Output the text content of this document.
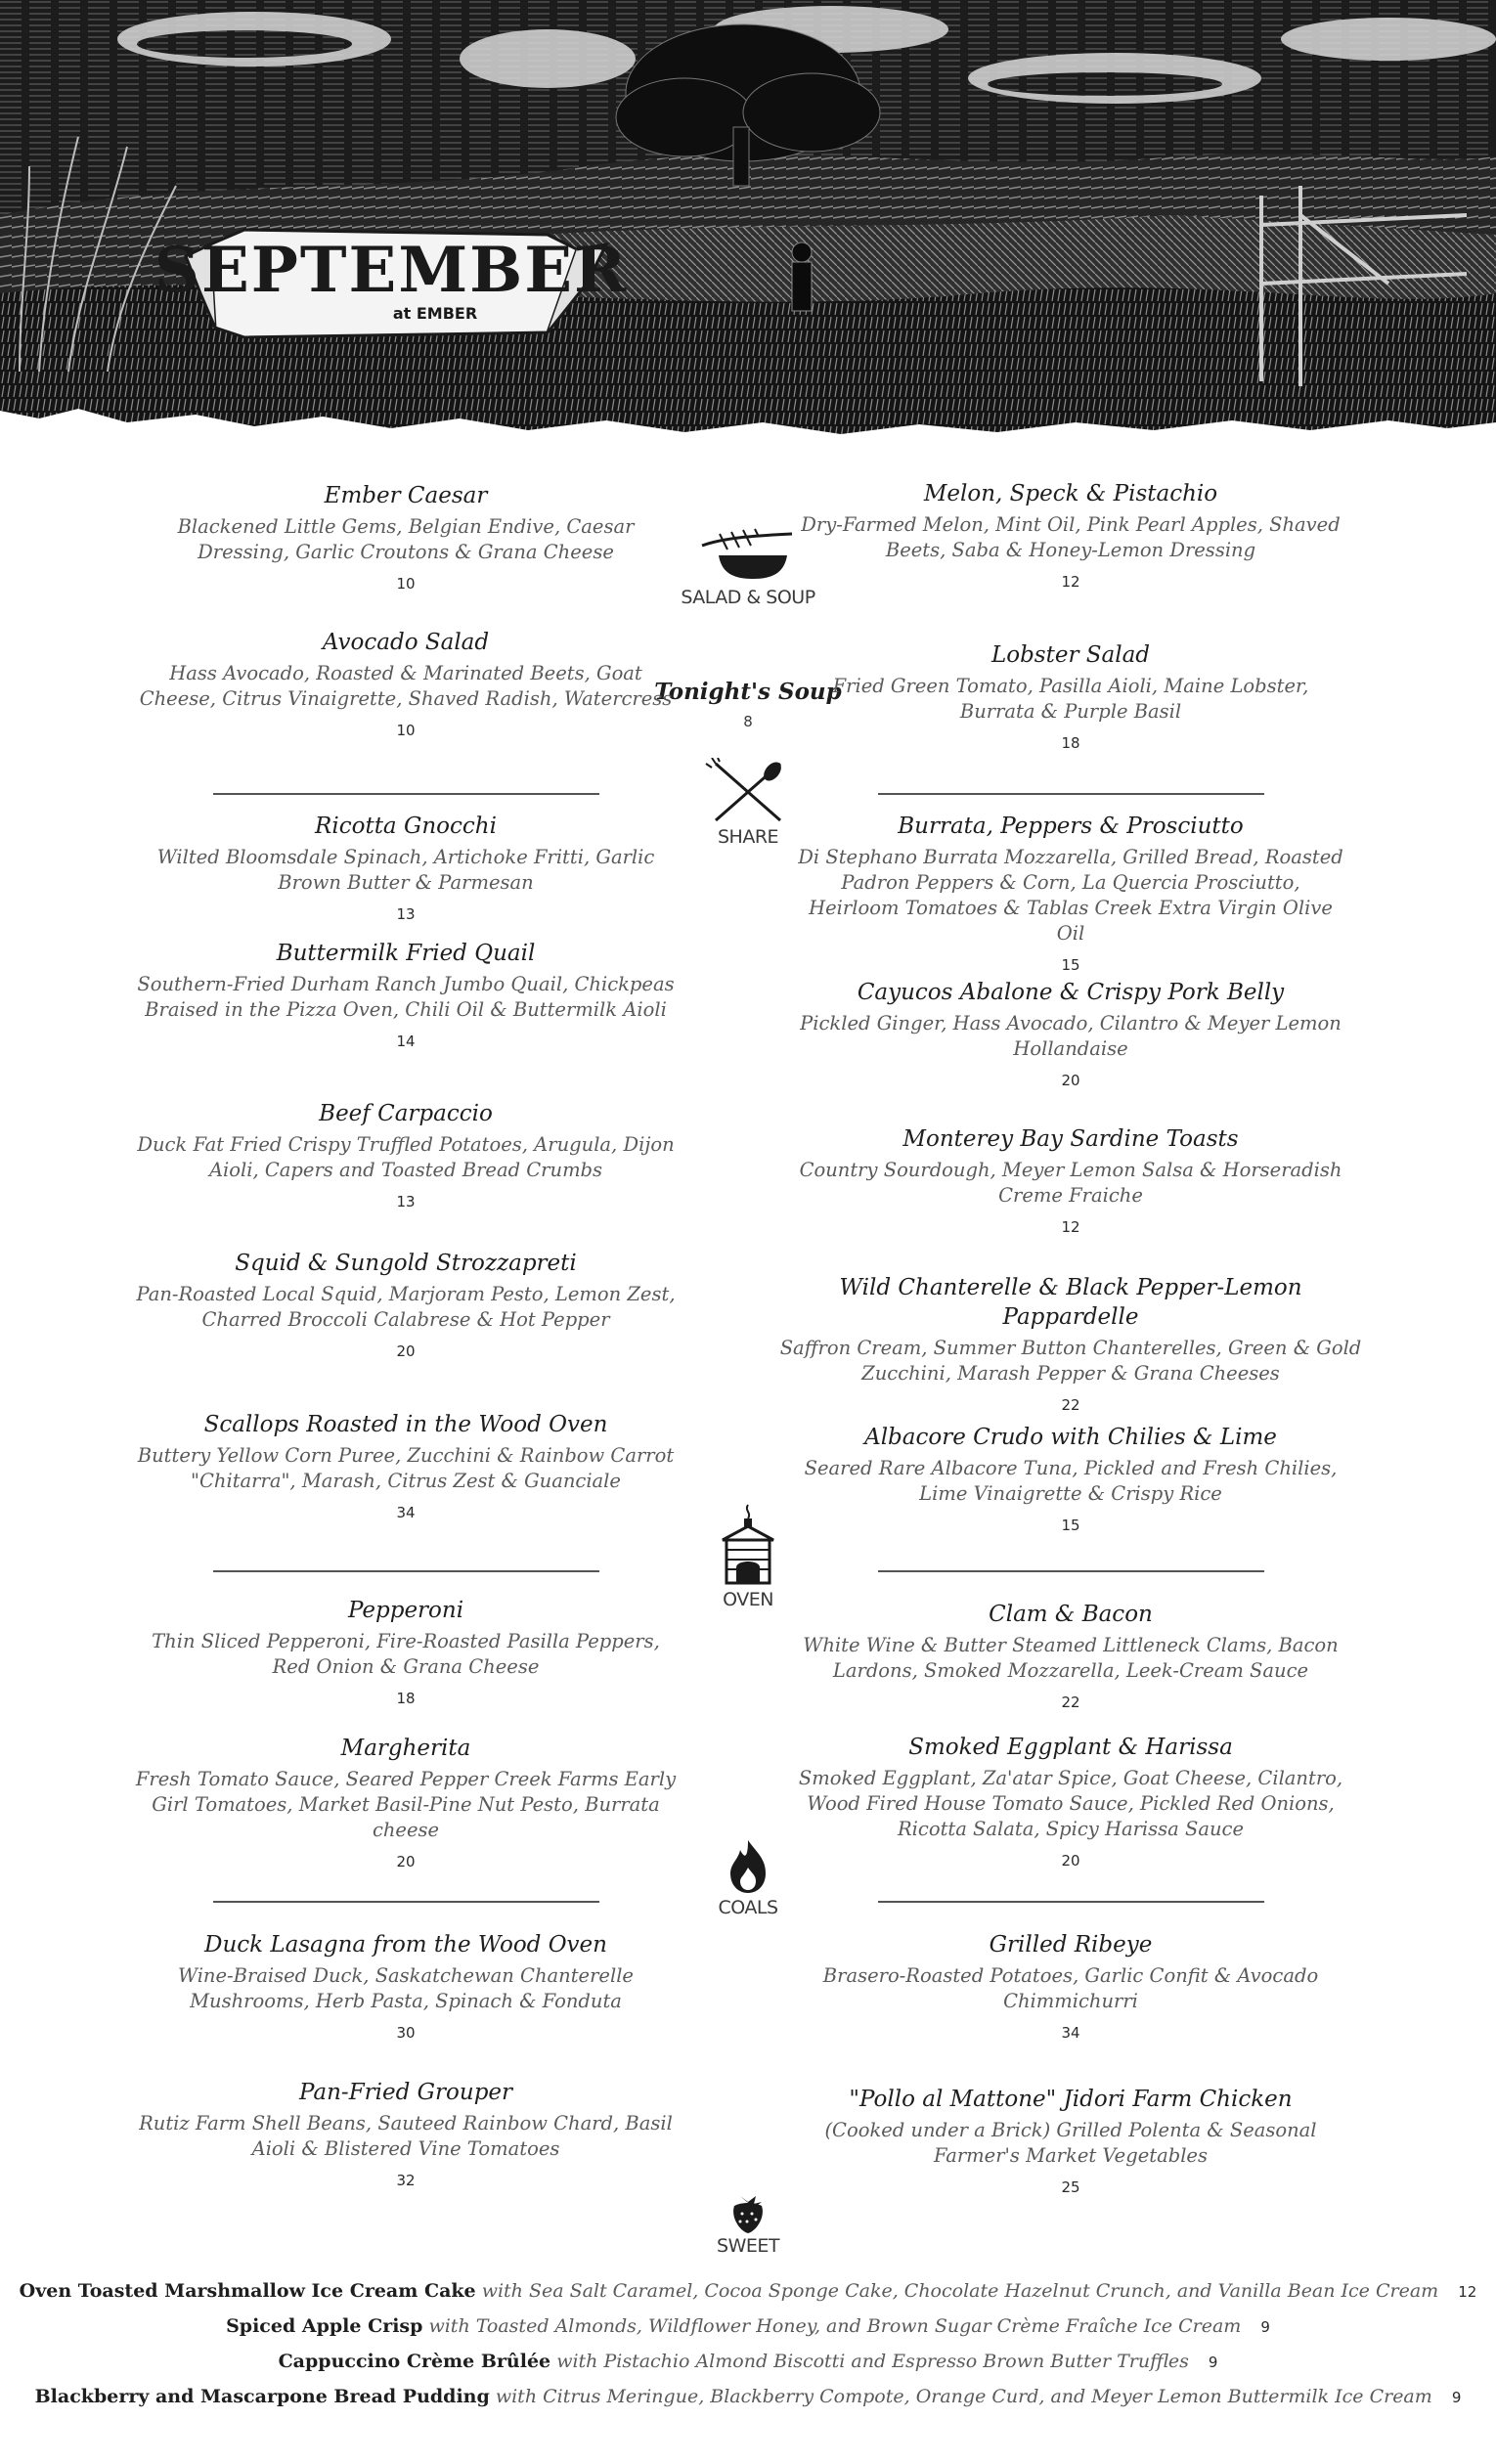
SEPTEMBER
at EMBER
SALAD & SOUP
Tonight's Soup
8
SHARE
OVEN
COALS
SWEET
Ember Caesar
Blackened Little Gems, Belgian Endive, Caesar Dressing, Garlic Croutons & Grana Cheese
10
Avocado Salad
Hass Avocado, Roasted & Marinated Beets, Goat Cheese, Citrus Vinaigrette, Shaved Radish, Watercress
10
Melon, Speck & Pistachio
Dry-Farmed Melon, Mint Oil, Pink Pearl Apples, Shaved Beets, Saba & Honey-Lemon Dressing
12
Lobster Salad
Fried Green Tomato, Pasilla Aioli, Maine Lobster, Burrata & Purple Basil
18
Ricotta Gnocchi
Wilted Bloomsdale Spinach, Artichoke Fritti, Garlic Brown Butter & Parmesan
13
Buttermilk Fried Quail
Southern-Fried Durham Ranch Jumbo Quail, Chickpeas Braised in the Pizza Oven, Chili Oil & Buttermilk Aioli
14
Beef Carpaccio
Duck Fat Fried Crispy Truffled Potatoes, Arugula, Dijon Aioli, Capers and Toasted Bread Crumbs
13
Squid & Sungold Strozzapreti
Pan-Roasted Local Squid, Marjoram Pesto, Lemon Zest, Charred Broccoli Calabrese & Hot Pepper
20
Scallops Roasted in the Wood Oven
Buttery Yellow Corn Puree, Zucchini & Rainbow Carrot "Chitarra", Marash, Citrus Zest & Guanciale
34
Burrata, Peppers & Prosciutto
Di Stephano Burrata Mozzarella, Grilled Bread, Roasted Padron Peppers & Corn, La Quercia Prosciutto, Heirloom Tomatoes & Tablas Creek Extra Virgin Olive Oil
15
Cayucos Abalone & Crispy Pork Belly
Pickled Ginger, Hass Avocado, Cilantro & Meyer Lemon Hollandaise
20
Monterey Bay Sardine Toasts
Country Sourdough, Meyer Lemon Salsa & Horseradish Creme Fraiche
12
Wild Chanterelle & Black Pepper-Lemon Pappardelle
Saffron Cream, Summer Button Chanterelles, Green & Gold Zucchini, Marash Pepper & Grana Cheeses
22
Albacore Crudo with Chilies & Lime
Seared Rare Albacore Tuna, Pickled and Fresh Chilies, Lime Vinaigrette & Crispy Rice
15
Pepperoni
Thin Sliced Pepperoni, Fire-Roasted Pasilla Peppers, Red Onion & Grana Cheese
18
Margherita
Fresh Tomato Sauce, Seared Pepper Creek Farms Early Girl Tomatoes, Market Basil-Pine Nut Pesto, Burrata cheese
20
Clam & Bacon
White Wine & Butter Steamed Littleneck Clams, Bacon Lardons, Smoked Mozzarella, Leek-Cream Sauce
22
Smoked Eggplant & Harissa
Smoked Eggplant, Za'atar Spice, Goat Cheese, Cilantro, Wood Fired House Tomato Sauce, Pickled Red Onions, Ricotta Salata, Spicy Harissa Sauce
20
Duck Lasagna from the Wood Oven
Wine-Braised Duck, Saskatchewan Chanterelle Mushrooms, Herb Pasta, Spinach & Fonduta
30
Pan-Fried Grouper
Rutiz Farm Shell Beans, Sauteed Rainbow Chard, Basil Aioli & Blistered Vine Tomatoes
32
Grilled Ribeye
Brasero-Roasted Potatoes, Garlic Confit & Avocado Chimmichurri
34
"Pollo al Mattone" Jidori Farm Chicken
(Cooked under a Brick) Grilled Polenta & Seasonal Farmer's Market Vegetables
25
Oven Toasted Marshmallow Ice Cream Cake with Sea Salt Caramel, Cocoa Sponge Cake, Chocolate Hazelnut Crunch, and Vanilla Bean Ice Cream 12
Spiced Apple Crisp with Toasted Almonds, Wildflower Honey, and Brown Sugar Crème Fraîche Ice Cream 9
Cappuccino Crème Brûlée with Pistachio Almond Biscotti and Espresso Brown Butter Truffles 9
Blackberry and Mascarpone Bread Pudding with Citrus Meringue, Blackberry Compote, Orange Curd, and Meyer Lemon Buttermilk Ice Cream 9
